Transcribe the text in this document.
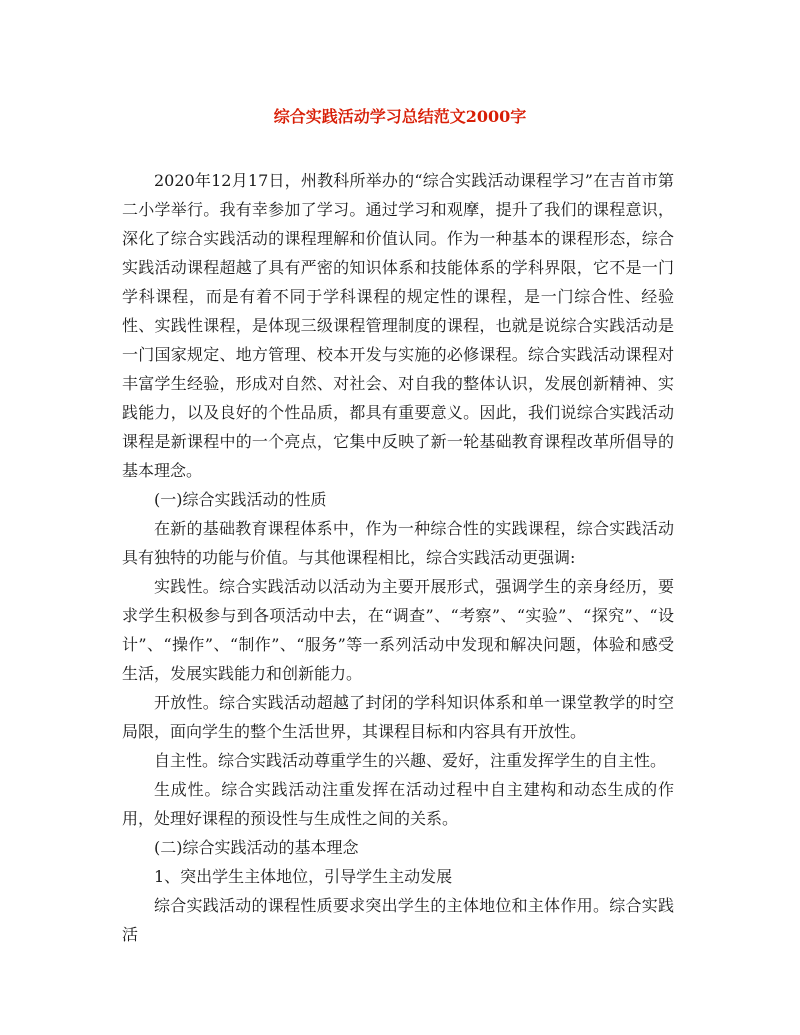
综合实践活动学习总结范文2000字

2020年12月17日，州教科所举办的“综合实践活动课程学习”在吉首市第二小学举行。我有幸参加了学习。通过学习和观摩，提升了我们的课程意识，深化了综合实践活动的课程理解和价值认同。作为一种基本的课程形态，综合实践活动课程超越了具有严密的知识体系和技能体系的学科界限，它不是一门学科课程，而是有着不同于学科课程的规定性的课程，是一门综合性、经验性、实践性课程，是体现三级课程管理制度的课程，也就是说综合实践活动是一门国家规定、地方管理、校本开发与实施的必修课程。综合实践活动课程对丰富学生经验，形成对自然、对社会、对自我的整体认识，发展创新精神、实践能力，以及良好的个性品质，都具有重要意义。因此，我们说综合实践活动课程是新课程中的一个亮点，它集中反映了新一轮基础教育课程改革所倡导的基本理念。

(一)综合实践活动的性质

在新的基础教育课程体系中，作为一种综合性的实践课程，综合实践活动具有独特的功能与价值。与其他课程相比，综合实践活动更强调:

实践性。综合实践活动以活动为主要开展形式，强调学生的亲身经历，要求学生积极参与到各项活动中去，在“调查”、“考察”、“实验”、“探究”、“设计”、“操作”、“制作”、“服务”等一系列活动中发现和解决问题，体验和感受生活，发展实践能力和创新能力。

开放性。综合实践活动超越了封闭的学科知识体系和单一课堂教学的时空局限，面向学生的整个生活世界，其课程目标和内容具有开放性。

自主性。综合实践活动尊重学生的兴趣、爱好，注重发挥学生的自主性。

生成性。综合实践活动注重发挥在活动过程中自主建构和动态生成的作用，处理好课程的预设性与生成性之间的关系。

(二)综合实践活动的基本理念

1、突出学生主体地位，引导学生主动发展

综合实践活动的课程性质要求突出学生的主体地位和主体作用。综合实践活
